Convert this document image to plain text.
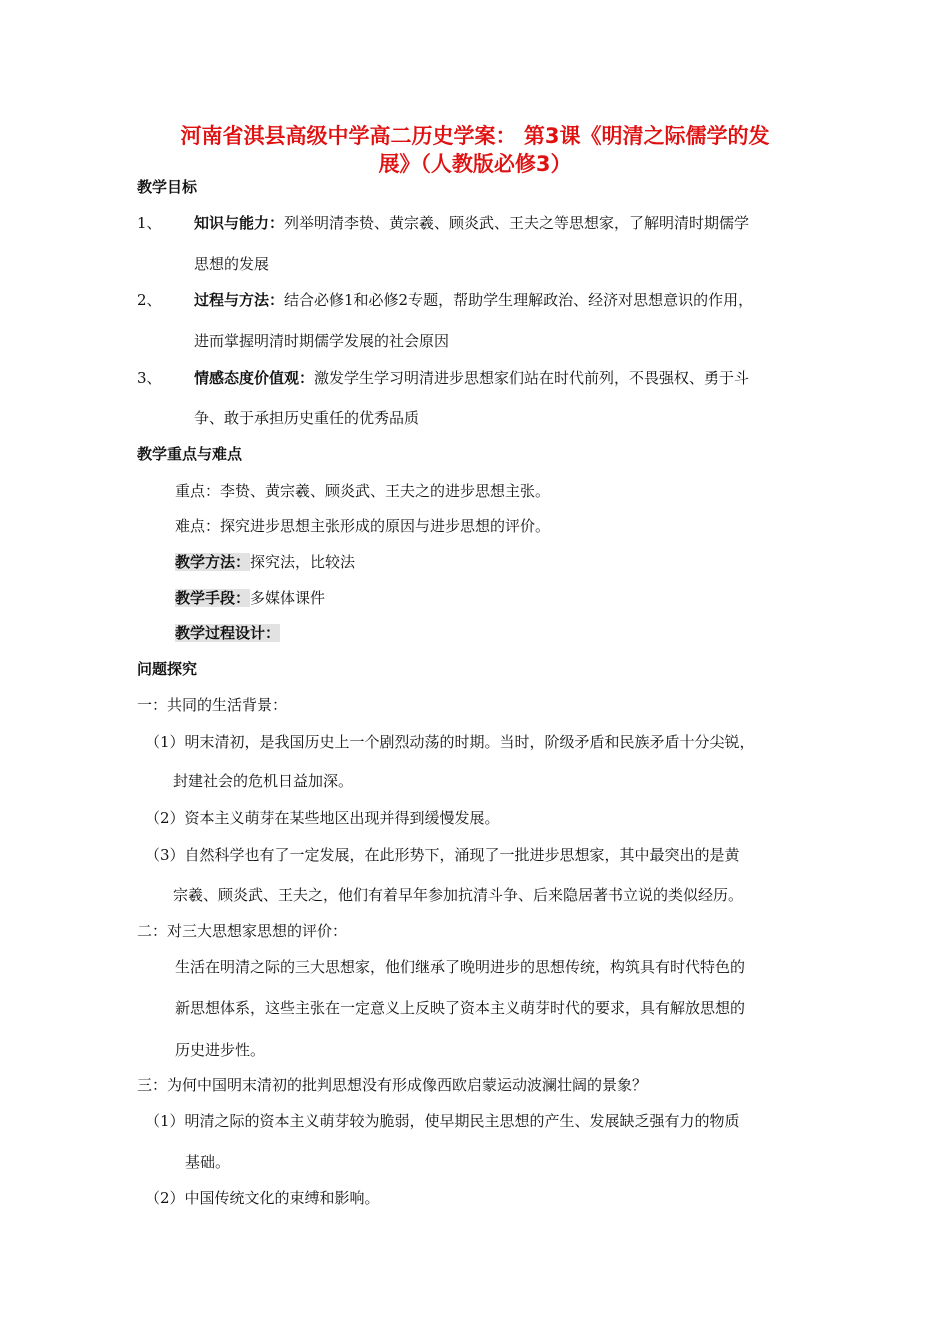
河南省淇县高级中学高二历史学案： 第3课《明清之际儒学的发
展》（人教版必修3）
教学目标
1、 知识与能力：列举明清李贽、黄宗羲、顾炎武、王夫之等思想家，了解明清时期儒学
思想的发展
2、 过程与方法：结合必修1和必修2专题，帮助学生理解政治、经济对思想意识的作用，
进而掌握明清时期儒学发展的社会原因
3、 情感态度价值观：激发学生学习明清进步思想家们站在时代前列，不畏强权、勇于斗
争、敢于承担历史重任的优秀品质
教学重点与难点
重点：李贽、黄宗羲、顾炎武、王夫之的进步思想主张。
难点：探究进步思想主张形成的原因与进步思想的评价。
教学方法：探究法，比较法
教学手段：多媒体课件
教学过程设计：
问题探究
一：共同的生活背景：
（1）明末清初，是我国历史上一个剧烈动荡的时期。当时，阶级矛盾和民族矛盾十分尖锐，
封建社会的危机日益加深。
（2）资本主义萌芽在某些地区出现并得到缓慢发展。
（3）自然科学也有了一定发展，在此形势下，涌现了一批进步思想家，其中最突出的是黄
宗羲、顾炎武、王夫之，他们有着早年参加抗清斗争、后来隐居著书立说的类似经历。
二：对三大思想家思想的评价：
生活在明清之际的三大思想家，他们继承了晚明进步的思想传统，构筑具有时代特色的
新思想体系，这些主张在一定意义上反映了资本主义萌芽时代的要求，具有解放思想的
历史进步性。
三：为何中国明末清初的批判思想没有形成像西欧启蒙运动波澜壮阔的景象？
（1）明清之际的资本主义萌芽较为脆弱，使早期民主思想的产生、发展缺乏强有力的物质
基础。
（2）中国传统文化的束缚和影响。
